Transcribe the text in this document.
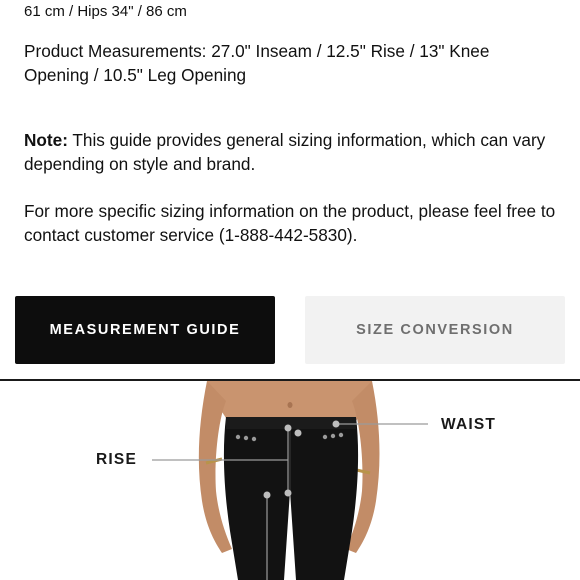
61 cm / Hips 34" / 86 cm

Product Measurements: 27.0" Inseam / 12.5" Rise / 13" Knee Opening / 10.5" Leg Opening

Note: This guide provides general sizing information, which can vary depending on style and brand.

For more specific sizing information on the product, please feel free to contact customer service (1-888-442-5830).

MEASUREMENT GUIDE	SIZE CONVERSION
WAIST
RISE
